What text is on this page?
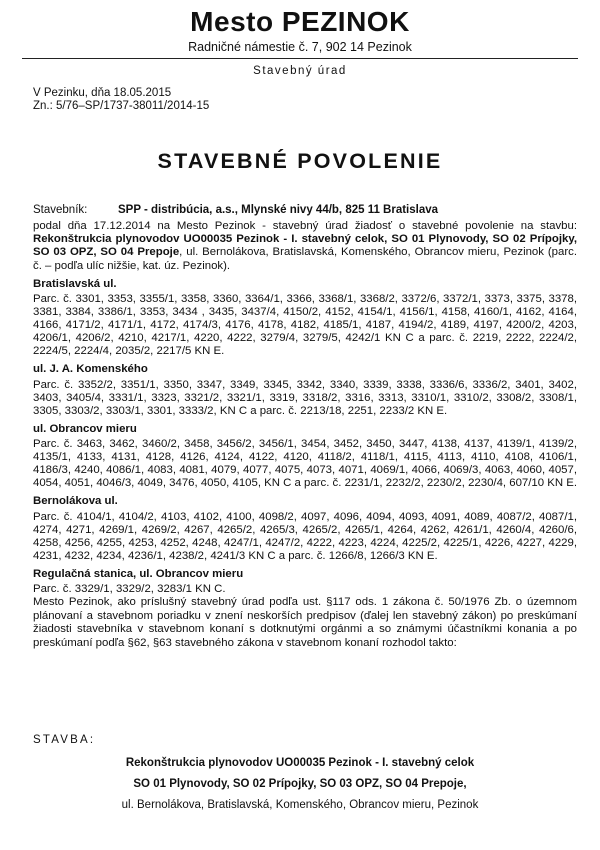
Mesto PEZINOK
Radničné námestie č. 7, 902 14 Pezinok
Stavebný úrad
V Pezinku, dňa 18.05.2015
Zn.: 5/76–SP/1737-38011/2014-15
STAVEBNÉ POVOLENIE
Stavebník:	SPP - distribúcia, a.s., Mlynské nivy 44/b, 825 11 Bratislava

podal dňa 17.12.2014 na Mesto Pezinok - stavebný úrad žiadosť o stavebné povolenie na stavbu: Rekonštrukcia plynovodov UO00035 Pezinok - I. stavebný celok, SO 01 Plynovody, SO 02 Prípojky, SO 03 OPZ, SO 04 Prepoje, ul. Bernolákova, Bratislavská, Komenského, Obrancov mieru, Pezinok (parc. č. – podľa ulíc nižšie, kat. úz. Pezinok).

Bratislavská ul.

Parc. č. 3301, 3353, 3355/1, 3358, 3360, 3364/1, 3366, 3368/1, 3368/2, 3372/6, 3372/1, 3373, 3375, 3378, 3381, 3384, 3386/1, 3353, 3434 , 3435, 3437/4, 4150/2, 4152, 4154/1, 4156/1, 4158, 4160/1, 4162, 4164, 4166, 4171/2, 4171/1, 4172, 4174/3, 4176, 4178, 4182, 4185/1, 4187, 4194/2, 4189, 4197, 4200/2, 4203, 4206/1, 4206/2, 4210, 4217/1, 4220, 4222, 3279/4, 3279/5, 4242/1 KN C a parc. č. 2219, 2222, 2224/2, 2224/5, 2224/4, 2035/2, 2217/5 KN E.

ul. J. A. Komenského

Parc. č. 3352/2, 3351/1, 3350, 3347, 3349, 3345, 3342, 3340, 3339, 3338, 3336/6, 3336/2, 3401, 3402, 3403, 3405/4, 3331/1, 3323, 3321/2, 3321/1, 3319, 3318/2, 3316, 3313, 3310/1, 3310/2, 3308/2, 3308/1, 3305, 3303/2, 3303/1, 3301, 3333/2, KN C a parc. č. 2213/18, 2251, 2233/2 KN E.

ul. Obrancov mieru

Parc. č. 3463, 3462, 3460/2, 3458, 3456/2, 3456/1, 3454, 3452, 3450, 3447, 4138, 4137, 4139/1, 4139/2, 4135/1, 4133, 4131, 4128, 4126, 4124, 4122, 4120, 4118/2, 4118/1, 4115, 4113, 4110, 4108, 4106/1, 4186/3, 4240, 4086/1, 4083, 4081, 4079, 4077, 4075, 4073, 4071, 4069/1, 4066, 4069/3, 4063, 4060, 4057, 4054, 4051, 4046/3, 4049, 3476, 4050, 4105, KN C a parc. č. 2231/1, 2232/2, 2230/2, 2230/4, 607/10 KN E.

Bernolákova ul.

Parc. č. 4104/1, 4104/2, 4103, 4102, 4100, 4098/2, 4097, 4096, 4094, 4093, 4091, 4089, 4087/2, 4087/1, 4274, 4271, 4269/1, 4269/2, 4267, 4265/2, 4265/3, 4265/2, 4265/1, 4264, 4262, 4261/1, 4260/4, 4260/6, 4258, 4256, 4255, 4253, 4252, 4248, 4247/1, 4247/2, 4222, 4223, 4224, 4225/2, 4225/1, 4226, 4227, 4229, 4231, 4232, 4234, 4236/1, 4238/2, 4241/3 KN C a parc. č. 1266/8, 1266/3 KN E.

Regulačná stanica, ul. Obrancov mieru

Parc. č. 3329/1, 3329/2, 3283/1 KN C.

Mesto Pezinok, ako príslušný stavebný úrad podľa ust. §117 ods. 1 zákona č. 50/1976 Zb. o územnom plánovaní a stavebnom poriadku v znení neskorších predpisov (ďalej len stavebný zákon) po preskúmaní žiadosti stavebníka v stavebnom konaní s dotknutými orgánmi a so známymi účastníkmi konania a po preskúmaní podľa §62, §63 stavebného zákona v stavebnom konaní rozhodol takto:

STAVBA:
Rekonštrukcia plynovodov UO00035 Pezinok - I. stavebný celok
SO 01 Plynovody, SO 02 Prípojky, SO 03 OPZ, SO 04 Prepoje,
ul. Bernolákova, Bratislavská, Komenského, Obrancov mieru, Pezinok
